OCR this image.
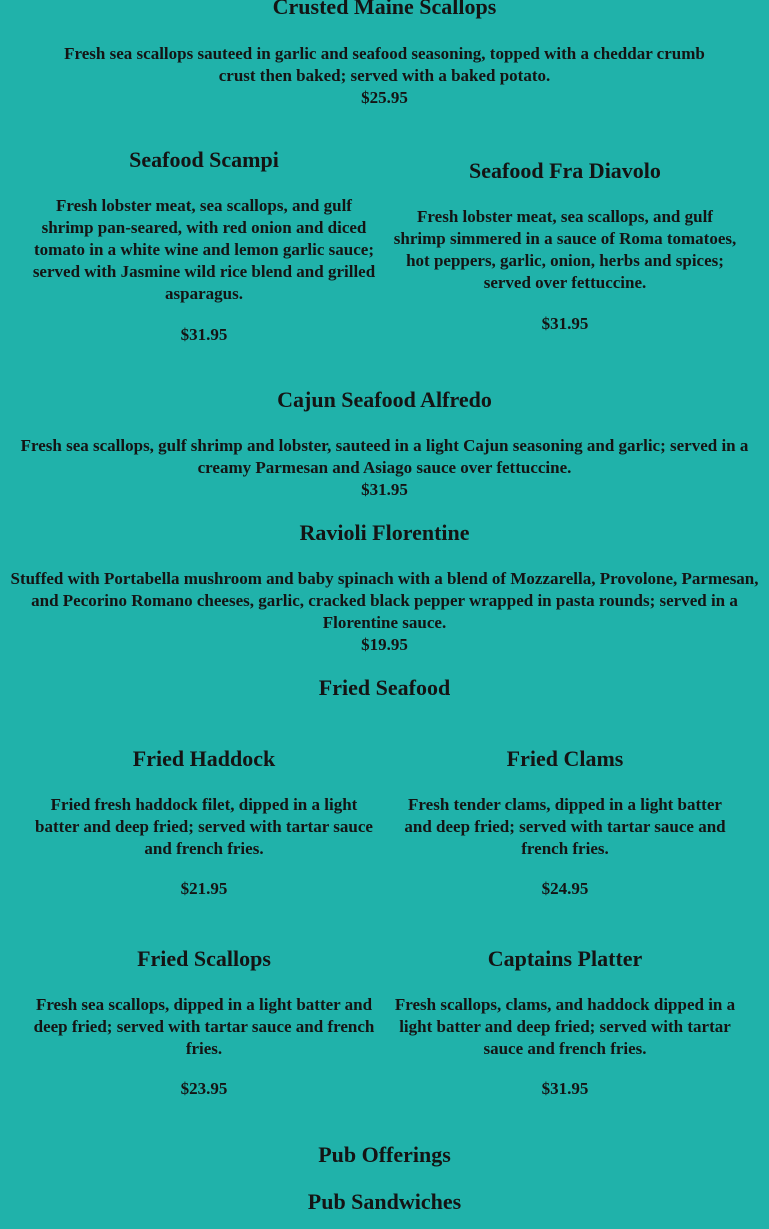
Crusted Maine Scallops

Fresh sea scallops sauteed in garlic and seafood seasoning, topped with a cheddar crumb crust then baked; served with a baked potato.

$25.95

Seafood Scampi

Fresh lobster meat, sea scallops, and gulf shrimp pan-seared, with red onion and diced tomato in a white wine and lemon garlic sauce; served with Jasmine wild rice blend and grilled asparagus.

$31.95

Seafood Fra Diavolo

Fresh lobster meat, sea scallops, and gulf shrimp simmered in a sauce of Roma tomatoes, hot peppers, garlic, onion, herbs and spices; served over fettuccine.

$31.95

Cajun Seafood Alfredo

Fresh sea scallops, gulf shrimp and lobster, sauteed in a light Cajun seasoning and garlic; served in a creamy Parmesan and Asiago sauce over fettuccine.

$31.95

Ravioli Florentine

Stuffed with Portabella mushroom and baby spinach with a blend of Mozzarella, Provolone, Parmesan, and Pecorino Romano cheeses, garlic, cracked black pepper wrapped in pasta rounds; served in a Florentine sauce.

$19.95

Fried Seafood
Fried Haddock

Fried fresh haddock filet, dipped in a light batter and deep fried; served with tartar sauce and french fries.

$21.95

Fried Clams

Fresh tender clams, dipped in a light batter and deep fried; served with tartar sauce and french fries.

$24.95

Fried Scallops

Fresh sea scallops, dipped in a light batter and deep fried; served with tartar sauce and french fries.

$23.95

Captains Platter

Fresh scallops, clams, and haddock dipped in a light batter and deep fried; served with tartar sauce and french fries.

$31.95

Pub Offerings
Pub Sandwiches
